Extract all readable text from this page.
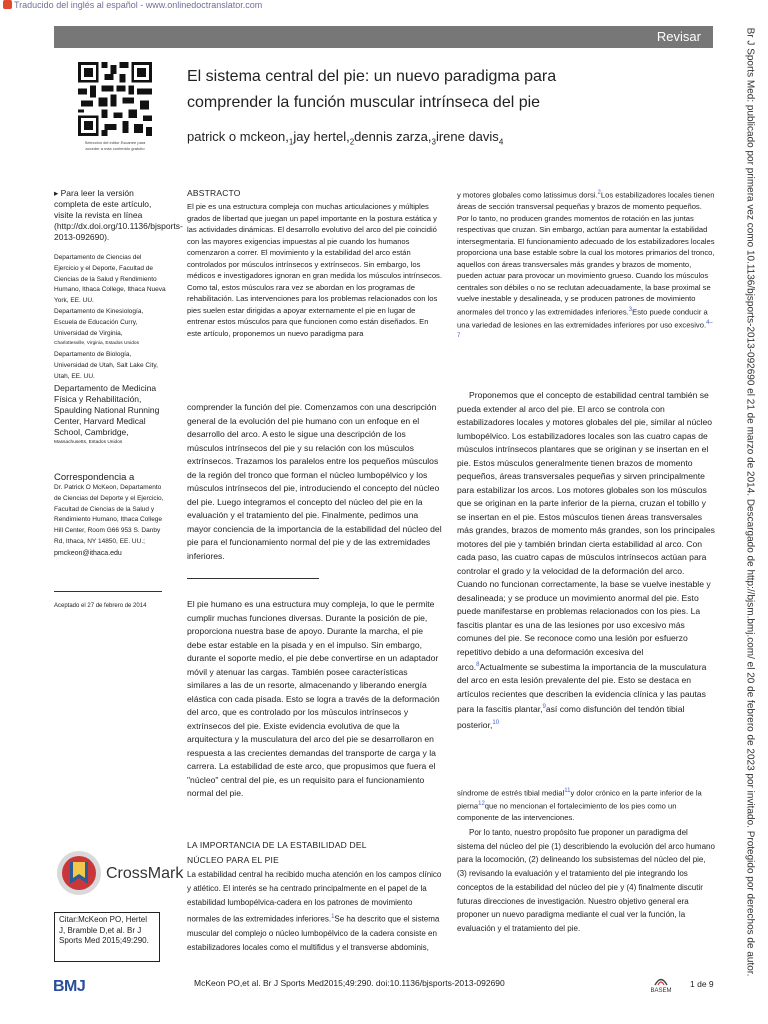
Traducido del inglés al español - www.onlinedoctranslator.com
Revisar
Selección del editor Escanee para acceder a más contenido gratuito
El sistema central del pie: un nuevo paradigma para
comprender la función muscular intrínseca del pie
patrick o $mckeon,_1jay$ $hertel,_2dennis$ $zarza,_3irene$ davis$_4$	Br J Sports Med: publicado por primera vez como 10.1136/bjsports-2013-092690 el 21 de marzo de 2014. Descargado de http://bjsm.bmj.com/ el 20 de febrero de 2023 por invitado. Protegido por derechos de autor.
▸ Para leer la versión completa de este artículo, visite la revista en línea (http://dx.doi.org/10.1136/bjsports-2013-092690).

Departamento de Ciencias del Ejercicio y el Deporte, Facultad de Ciencias de la Salud y Rendimiento Humano, Ithaca College, Ithaca Nueva York, EE. UU.

Departamento de Kinesiología, Escuela de Educación Curry, Universidad de Virginia,

Charlottesville, Virginia, Estados Unidos

Departamento de Biología, Universidad de Utah, Salt Lake City, Utah, EE. UU.

Departamento de Medicina Física y Rehabilitación, Spaulding National Running Center, Harvard Medical School, Cambridge,

Massachusetts, Estados Unidos

Correspondencia a

Dr. Patrick O McKeon, Departamento de Ciencias del Deporte y el Ejercicio, Facultad de Ciencias de la Salud y Rendimiento Humano, Ithaca College Hill Center, Room G66 953 S. Danby Rd, Ithaca, NY 14850, EE. UU.;

pmckeon@ithaca.edu

Aceptado el 27 de febrero de 2014
ABSTRACTO
El pie es una estructura compleja con muchas articulaciones y múltiples grados de libertad que juegan un papel importante en la postura estática y las actividades dinámicas. El desarrollo evolutivo del arco del pie coincidió con las mayores exigencias impuestas al pie cuando los humanos comenzaron a correr. El movimiento y la estabilidad del arco están controlados por músculos intrínsecos y extrínsecos. Sin embargo, los médicos e investigadores ignoran en gran medida los músculos intrínsecos. Como tal, estos músculos rara vez se abordan en los programas de rehabilitación. Las intervenciones para los problemas relacionados con los pies suelen estar dirigidas a apoyar externamente el pie en lugar de entrenar estos músculos para que funcionen como están diseñados. En este artículo, proponemos un nuevo paradigma para
comprender la función del pie. Comenzamos con una descripción general de la evolución del pie humano con un enfoque en el desarrollo del arco. A esto le sigue una descripción de los músculos intrínsecos del pie y su relación con los músculos extrínsecos. Trazamos los paralelos entre los pequeños músculos de la región del tronco que forman el núcleo lumbopélvico y los músculos intrínsecos del pie, introduciendo el concepto del núcleo del pie. Luego integramos el concepto del núcleo del pie en la evaluación y el tratamiento del pie. Finalmente, pedimos una mayor conciencia de la importancia de la estabilidad del núcleo del pie para el funcionamiento normal del pie y de las extremidades inferiores.
El pie humano es una estructura muy compleja, lo que le permite cumplir muchas funciones diversas. Durante la posición de pie, proporciona nuestra base de apoyo. Durante la marcha, el pie debe estar estable en la pisada y en el impulso. Sin embargo, durante el soporte medio, el pie debe convertirse en un adaptador móvil y atenuar las cargas. También posee características similares a las de un resorte, almacenando y liberando energía elástica con cada pisada. Esto se logra a través de la deformación del arco, que es controlado por los músculos intrínsecos y extrínsecos del pie. Existe evidencia evolutiva de que la arquitectura y la musculatura del arco del pie se desarrollaron en respuesta a las crecientes demandas del transporte de carga y la carrera. La estabilidad de este arco, que propusimos que fuera el "núcleo" central del pie, es un requisito para el funcionamiento normal del pie.
LA IMPORTANCIA DE LA ESTABILIDAD DEL
NÚCLEO PARA EL PIE
La estabilidad central ha recibido mucha atención en los campos clínico y atlético. El interés se ha centrado principalmente en el papel de la estabilidad lumbopélvica-cadera en los patrones de movimiento normales de las extremidades inferiores.$^1$Se ha descrito que el sistema muscular del complejo o núcleo lumbopélvico de la cadera consiste en estabilizadores locales como el multifidus y el transverse abdominis,
y motores globales como latissimus dorsi.$^2$Los estabilizadores locales tienen áreas de sección transversal pequeñas y brazos de momento pequeños. Por lo tanto, no producen grandes momentos de rotación en las juntas respectivas que cruzan. Sin embargo, actúan para aumentar la estabilidad intersegmentaria. El funcionamiento adecuado de los estabilizadores locales proporciona una base estable sobre la cual los motores primarios del tronco, aquellos con áreas transversales más grandes y brazos de momento, pueden actuar para provocar un movimiento grueso. Cuando los músculos centrales son débiles o no se reclutan adecuadamente, la base proximal se vuelve inestable y desalineada, y se producen patrones de movimiento anormales del tronco y las extremidades inferiores.$^3$Esto puede conducir a una variedad de lesiones en las extremidades inferiores por uso excesivo.$^{4-7}$
Proponemos que el concepto de estabilidad central también se pueda extender al arco del pie. El arco se controla con estabilizadores locales y motores globales del pie, similar al núcleo lumbopélvico. Los estabilizadores locales son las cuatro capas de músculos intrínsecos plantares que se originan y se insertan en el pie. Estos músculos generalmente tienen brazos de momento pequeños, áreas transversales pequeñas y sirven principalmente para estabilizar los arcos. Los motores globales son los músculos que se originan en la parte inferior de la pierna, cruzan el tobillo y se insertan en el pie. Estos músculos tienen áreas transversales más grandes, brazos de momento más grandes, son los principales motores del pie y también brindan cierta estabilidad al arco. Con cada paso, las cuatro capas de músculos intrínsecos actúan para controlar el grado y la velocidad de la deformación del arco. Cuando no funcionan correctamente, la base se vuelve inestable y desalineada; y se produce un movimiento anormal del pie. Esto puede manifestarse en problemas relacionados con los pies. La fascitis plantar es una de las lesiones por uso excesivo más comunes del pie. Se reconoce como una lesión por esfuerzo repetitivo debido a una deformación excesiva del arco.$^8$Actualmente se subestima la importancia de la musculatura del arco en esta lesión prevalente del pie. Esto se destaca en artículos recientes que describen la evidencia clínica y las pautas para la fascitis plantar,$^9$así como disfunción del tendón tibial posterior,$^{10}$
síndrome de estrés tibial medial$^{11}$y dolor crónico en la parte inferior de la pierna$^{12}$que no mencionan el fortalecimiento de los pies como un componente de las intervenciones.
Por lo tanto, nuestro propósito fue proponer un paradigma del sistema del núcleo del pie (1) describiendo la evolución del arco humano para la locomoción, (2) delineando los subsistemas del núcleo del pie, (3) revisando la evaluación y el tratamiento del pie integrando los conceptos de la estabilidad del núcleo del pie y (4) finalmente discutir futuras direcciones de investigación. Nuestro objetivo general era proponer un nuevo paradigma mediante el cual ver la función, la evaluación y el tratamiento del pie.
CrossMark
Citar:McKeon PO, Hertel J, Bramble D,et al. Br J Sports Med 2015;49:290.
BMJ	McKeon PO,et al. Br J Sports Med2015;49:290. doi:10.1136/bjsports-2013-092690
BASEM
1 de 9
